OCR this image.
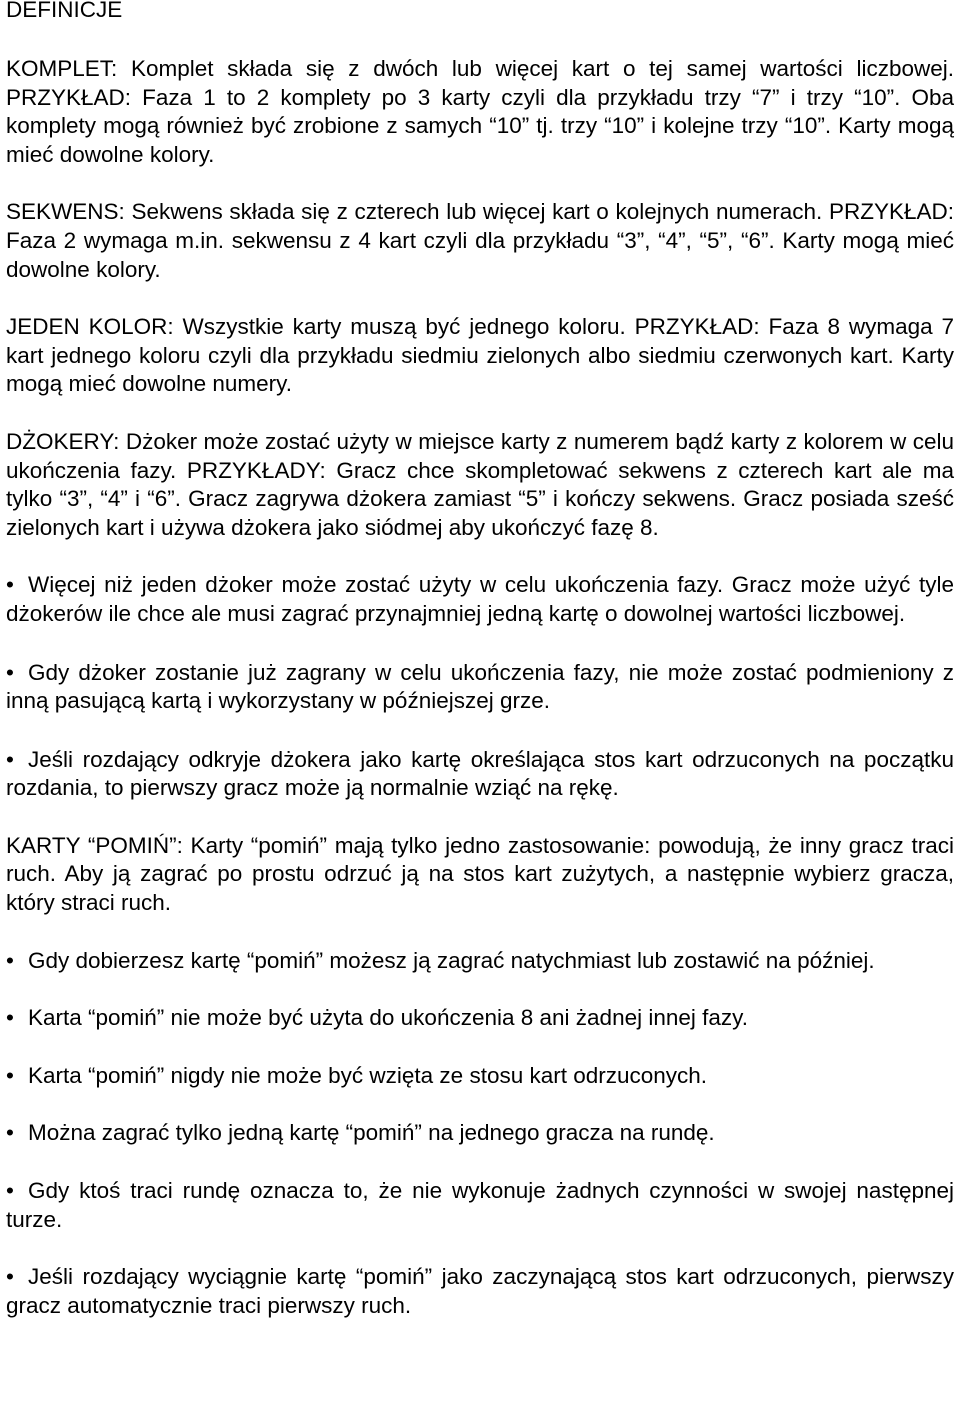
DEFINICJE

KOMPLET: Komplet składa się z dwóch lub więcej kart o tej samej wartości liczbowej. PRZYKŁAD: Faza 1 to 2 komplety po 3 karty czyli dla przykładu trzy “7” i trzy “10”. Oba komplety mogą również być zrobione z samych “10” tj. trzy “10” i kolejne trzy “10”. Karty mogą mieć dowolne kolory.

SEKWENS: Sekwens składa się z czterech lub więcej kart o kolejnych numerach. PRZYKŁAD: Faza 2 wymaga m.in. sekwensu z 4 kart czyli dla przykładu “3”, “4”, “5”, “6”. Karty mogą mieć dowolne kolory.

JEDEN KOLOR: Wszystkie karty muszą być jednego koloru. PRZYKŁAD: Faza 8 wymaga 7 kart jednego koloru czyli dla przykładu siedmiu zielonych albo siedmiu czerwonych kart. Karty mogą mieć dowolne numery.

DŻOKERY: Dżoker może zostać użyty w miejsce karty z numerem bądź karty z kolorem w celu ukończenia fazy. PRZYKŁADY: Gracz chce skompletować sekwens z czterech kart ale ma tylko “3”, “4” i “6”. Gracz zagrywa dżokera zamiast “5” i kończy sekwens. Gracz posiada sześć zielonych kart i używa dżokera jako siódmej aby ukończyć fazę 8.

• Więcej niż jeden dżoker może zostać użyty w celu ukończenia fazy. Gracz może użyć tyle dżokerów ile chce ale musi zagrać przynajmniej jedną kartę o dowolnej wartości liczbowej.

• Gdy dżoker zostanie już zagrany w celu ukończenia fazy, nie może zostać podmieniony z inną pasującą kartą i wykorzystany w późniejszej grze.

• Jeśli rozdający odkryje dżokera jako kartę określająca stos kart odrzuconych na początku rozdania, to pierwszy gracz może ją normalnie wziąć na rękę.

KARTY “POMIŃ”: Karty “pomiń” mają tylko jedno zastosowanie: powodują, że inny gracz traci ruch. Aby ją zagrać po prostu odrzuć ją na stos kart zużytych, a następnie wybierz gracza, który straci ruch.

• Gdy dobierzesz kartę “pomiń” możesz ją zagrać natychmiast lub zostawić na później.

• Karta “pomiń” nie może być użyta do ukończenia 8 ani żadnej innej fazy.

• Karta “pomiń” nigdy nie może być wzięta ze stosu kart odrzuconych.

• Można zagrać tylko jedną kartę “pomiń” na jednego gracza na rundę.

• Gdy ktoś traci rundę oznacza to, że nie wykonuje żadnych czynności w swojej następnej turze.

• Jeśli rozdający wyciągnie kartę “pomiń” jako zaczynającą stos kart odrzuconych, pierwszy gracz automatycznie traci pierwszy ruch.
